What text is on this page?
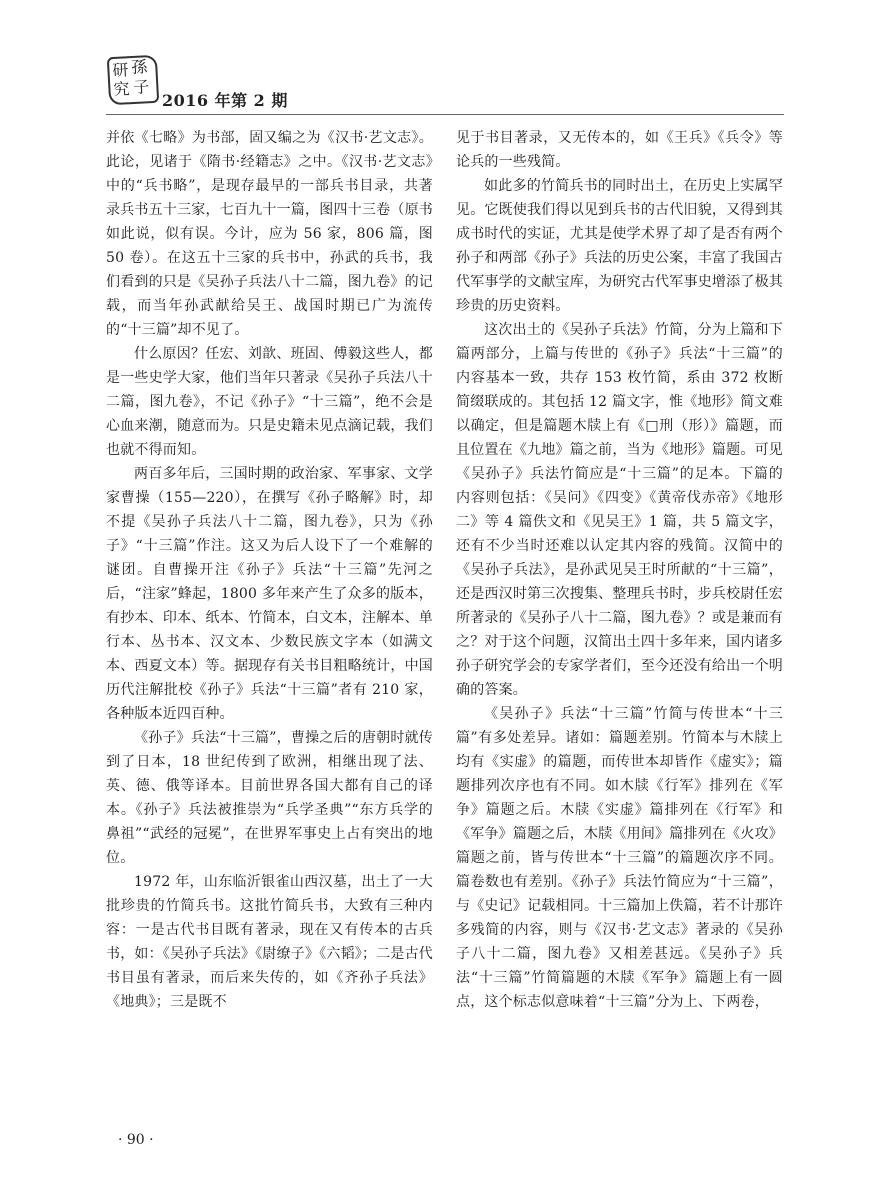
研 孫
究 子
2016 年第 2 期

并依《七略》为书部，固又编之为《汉书·艺文志》。此论，见诸于《隋书·经籍志》之中。《汉书·艺文志》中的“兵书略”，是现存最早的一部兵书目录，共著录兵书五十三家，七百九十一篇，图四十三卷（原书如此说，似有误。今计，应为 56 家，806 篇，图 50 卷）。在这五十三家的兵书中，孙武的兵书，我们看到的只是《吴孙子兵法八十二篇，图九卷》的记载，而当年孙武献给吴王、战国时期已广为流传的“十三篇”却不见了。

什么原因？任宏、刘歆、班固、傅毅这些人，都是一些史学大家，他们当年只著录《吴孙子兵法八十二篇，图九卷》，不记《孙子》“十三篇”，绝不会是心血来潮，随意而为。只是史籍未见点滴记载，我们也就不得而知。

两百多年后，三国时期的政治家、军事家、文学家曹操（155—220），在撰写《孙子略解》时，却不提《吴孙子兵法八十二篇，图九卷》，只为《孙子》“十三篇”作注。这又为后人设下了一个难解的谜团。自曹操开注《孙子》兵法“十三篇”先河之后，“注家”蜂起，1800 多年来产生了众多的版本，有抄本、印本、纸本、竹简本，白文本，注解本、单行本、丛书本、汉文本、少数民族文字本（如满文本、西夏文本）等。据现存有关书目粗略统计，中国历代注解批校《孙子》兵法“十三篇”者有 210 家，各种版本近四百种。

《孙子》兵法“十三篇”，曹操之后的唐朝时就传到了日本，18 世纪传到了欧洲，相继出现了法、英、德、俄等译本。目前世界各国大都有自己的译本。《孙子》兵法被推崇为“兵学圣典”“东方兵学的鼻祖”“武经的冠冕”，在世界军事史上占有突出的地位。

1972 年，山东临沂银雀山西汉墓，出土了一大批珍贵的竹简兵书。这批竹简兵书，大致有三种内容：一是古代书目既有著录，现在又有传本的古兵书，如：《吴孙子兵法》《尉缭子》《六韬》；二是古代书目虽有著录，而后来失传的，如《齐孙子兵法》《地典》；三是既不

见于书目著录，又无传本的，如《王兵》《兵令》等论兵的一些残简。

如此多的竹简兵书的同时出土，在历史上实属罕见。它既使我们得以见到兵书的古代旧貌，又得到其成书时代的实证，尤其是使学术界了却了是否有两个孙子和两部《孙子》兵法的历史公案，丰富了我国古代军事学的文献宝库，为研究古代军事史增添了极其珍贵的历史资料。

这次出土的《吴孙子兵法》竹简，分为上篇和下篇两部分，上篇与传世的《孙子》兵法“十三篇”的内容基本一致，共存 153 枚竹简，系由 372 枚断简缀联成的。其包括 12 篇文字，惟《地形》简文难以确定，但是篇题木牍上有《□刑（形）》篇题，而且位置在《九地》篇之前，当为《地形》篇题。可见《吴孙子》兵法竹简应是“十三篇”的足本。下篇的内容则包括：《吴问》《四变》《黄帝伐赤帝》《地形二》等 4 篇佚文和《见吴王》1 篇，共 5 篇文字，还有不少当时还难以认定其内容的残简。汉简中的《吴孙子兵法》，是孙武见吴王时所献的“十三篇”，还是西汉时第三次搜集、整理兵书时，步兵校尉任宏所著录的《吴孙子八十二篇，图九卷》？或是兼而有之？对于这个问题，汉简出土四十多年来，国内诸多孙子研究学会的专家学者们，至今还没有给出一个明确的答案。

《吴孙子》兵法“十三篇”竹简与传世本“十三篇”有多处差异。诸如：篇题差别。竹简本与木牍上均有《实虚》的篇题，而传世本却皆作《虚实》；篇题排列次序也有不同。如木牍《行军》排列在《军争》篇题之后。木牍《实虚》篇排列在《行军》和《军争》篇题之后，木牍《用间》篇排列在《火攻》篇题之前，皆与传世本“十三篇”的篇题次序不同。篇卷数也有差别。《孙子》兵法竹简应为“十三篇”，与《史记》记载相同。十三篇加上佚篇，若不计那许多残简的内容，则与《汉书·艺文志》著录的《吴孙子八十二篇，图九卷》又相差甚远。《吴孙子》兵法“十三篇”竹简篇题的木牍《军争》篇题上有一圆点，这个标志似意味着“十三篇”分为上、下两卷，

· 90 ·
